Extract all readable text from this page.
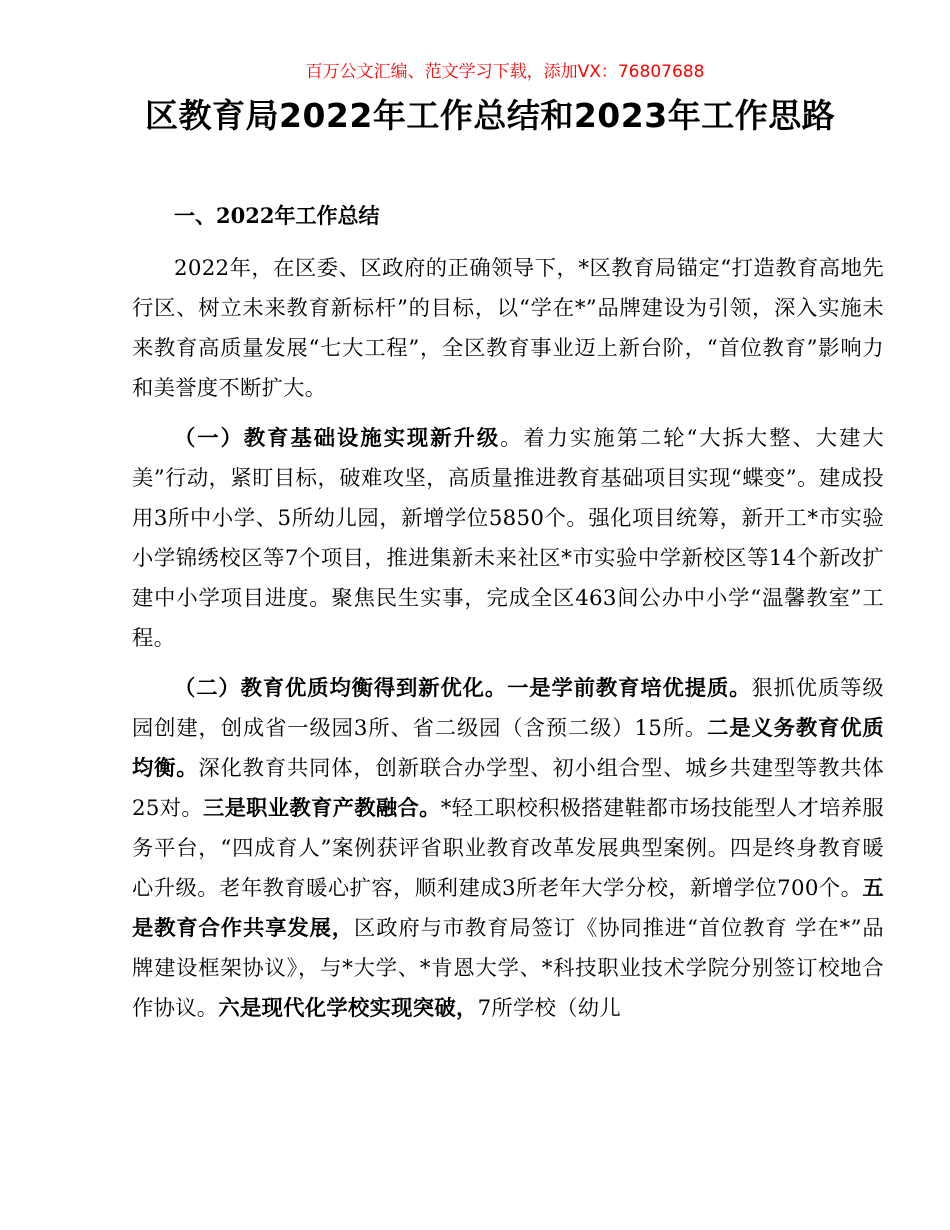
百万公文汇编、范文学习下载，添加VX：76807688
区教育局2022年工作总结和2023年工作思路
一、2022年工作总结

2022年，在区委、区政府的正确领导下，*区教育局锚定“打造教育高地先行区、树立未来教育新标杆”的目标，以“学在*”品牌建设为引领，深入实施未来教育高质量发展“七大工程”，全区教育事业迈上新台阶，“首位教育”影响力和美誉度不断扩大。

（一）教育基础设施实现新升级。着力实施第二轮“大拆大整、大建大美”行动，紧盯目标，破难攻坚，高质量推进教育基础项目实现“蝶变”。建成投用3所中小学、5所幼儿园，新增学位5850个。强化项目统筹，新开工*市实验小学锦绣校区等7个项目，推进集新未来社区*市实验中学新校区等14个新改扩建中小学项目进度。聚焦民生实事，完成全区463间公办中小学“温馨教室”工程。

（二）教育优质均衡得到新优化。一是学前教育培优提质。狠抓优质等级园创建，创成省一级园3所、省二级园（含预二级）15所。二是义务教育优质均衡。深化教育共同体，创新联合办学型、初小组合型、城乡共建型等教共体25对。三是职业教育产教融合。*轻工职校积极搭建鞋都市场技能型人才培养服务平台，“四成育人”案例获评省职业教育改革发展典型案例。四是终身教育暖心升级。老年教育暖心扩容，顺利建成3所老年大学分校，新增学位700个。五是教育合作共享发展，区政府与市教育局签订《协同推进“首位教育 学在*”品牌建设框架协议》，与*大学、*肯恩大学、*科技职业技术学院分别签订校地合作协议。六是现代化学校实现突破，7所学校（幼儿
